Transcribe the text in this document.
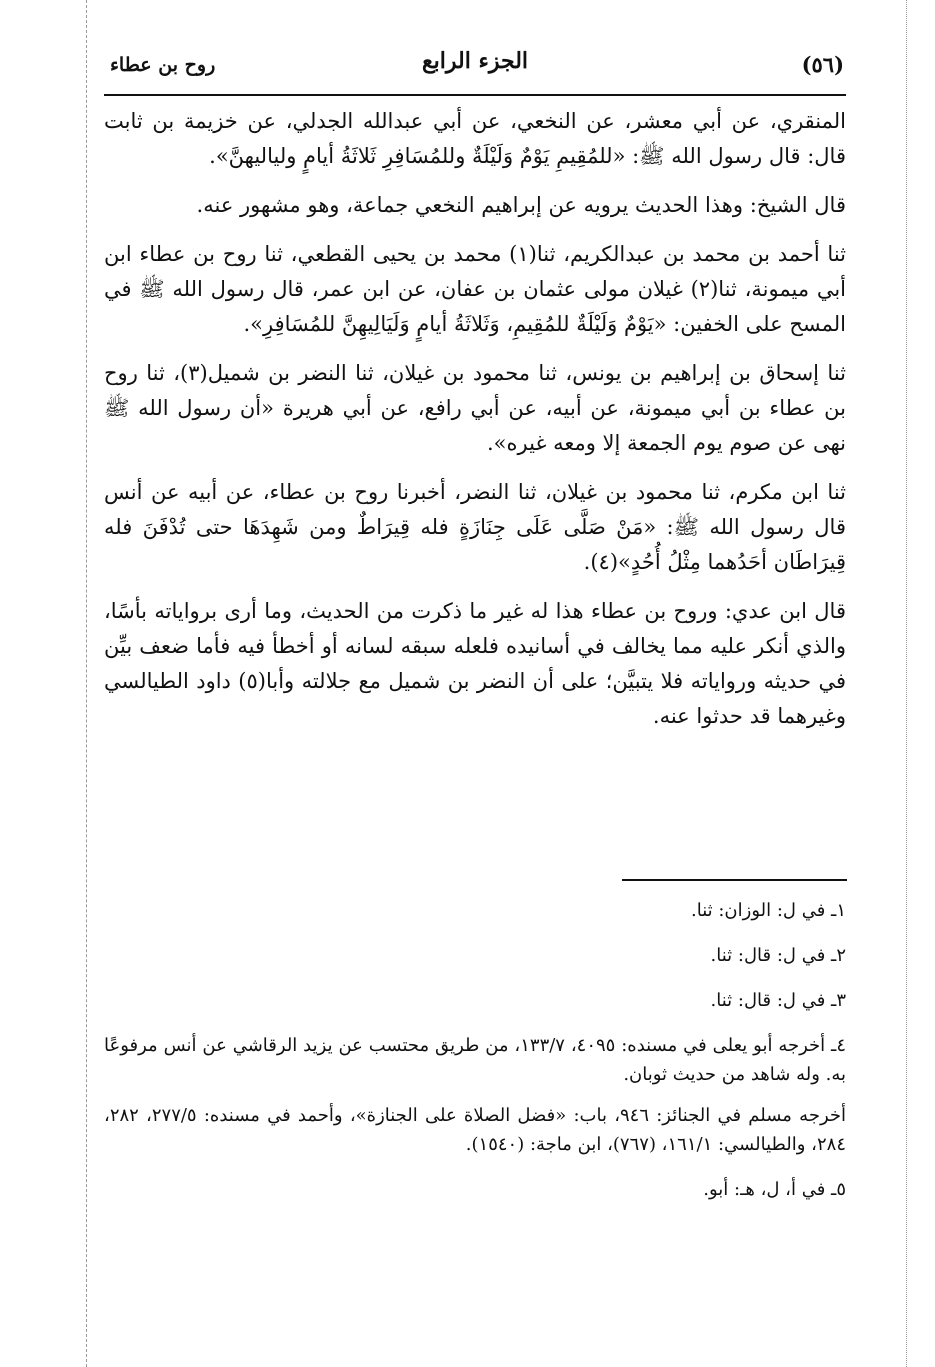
(٥٦)
الجزء الرابع
روح بن عطاء

المنقري، عن أبي معشر، عن النخعي، عن أبي عبدالله الجدلي، عن خزيمة بن ثابت قال: قال رسول الله ﷺ: «للمُقِيمِ يَوْمٌ وَلَيْلَةٌ وللمُسَافِرِ ثَلاثَةُ أيامٍ ولياليهنَّ».

قال الشيخ: وهذا الحديث يرويه عن إبراهيم النخعي جماعة، وهو مشهور عنه.

ثنا أحمد بن محمد بن عبدالكريم، ثنا(١) محمد بن يحيى القطعي، ثنا روح بن عطاء ابن أبي ميمونة، ثنا(٢) غيلان مولى عثمان بن عفان، عن ابن عمر، قال رسول الله ﷺ في المسح على الخفين: «يَوْمٌ وَلَيْلَةٌ للمُقِيمِ، وَثَلاثَةُ أيامٍ وَلَيَالِيهِنَّ للمُسَافِرِ».

ثنا إسحاق بن إبراهيم بن يونس، ثنا محمود بن غيلان، ثنا النضر بن شميل(٣)، ثنا روح بن عطاء بن أبي ميمونة، عن أبيه، عن أبي رافع، عن أبي هريرة «أن رسول الله ﷺ نهى عن صوم يوم الجمعة إلا ومعه غيره».

ثنا ابن مكرم، ثنا محمود بن غيلان، ثنا النضر، أخبرنا روح بن عطاء، عن أبيه عن أنس قال رسول الله ﷺ: «مَنْ صَلَّى عَلَى جِنَازَةٍ فله قِيرَاطٌ ومن شَهِدَهَا حتى تُدْفَنَ فله قِيرَاطَان أحَدُهما مِثْلُ أُحُدٍ»(٤).

قال ابن عدي: وروح بن عطاء هذا له غير ما ذكرت من الحديث، وما أرى برواياته بأسًا، والذي أنكر عليه مما يخالف في أسانيده فلعله سبقه لسانه أو أخطأ فيه فأما ضعف بيِّن في حديثه ورواياته فلا يتبيَّن؛ على أن النضر بن شميل مع جلالته وأبا(٥) داود الطيالسي وغيرهما قد حدثوا عنه.

١ـ في ل: الوزان: ثنا.

٢ـ في ل: قال: ثنا.

٣ـ في ل: قال: ثنا.

٤ـ أخرجه أبو يعلى في مسنده: ٤٠٩٥، ١٣٣/٧، من طريق محتسب عن يزيد الرقاشي عن أنس مرفوعًا به. وله شاهد من حديث ثوبان.

أخرجه مسلم في الجنائز: ٩٤٦، باب: «فضل الصلاة على الجنازة»، وأحمد في مسنده: ٢٧٧/٥، ٢٨٢، ٢٨٤، والطيالسي: ١٦١/١، (٧٦٧)، ابن ماجة: (١٥٤٠).

٥ـ في أ، ل، هـ: أبو.
